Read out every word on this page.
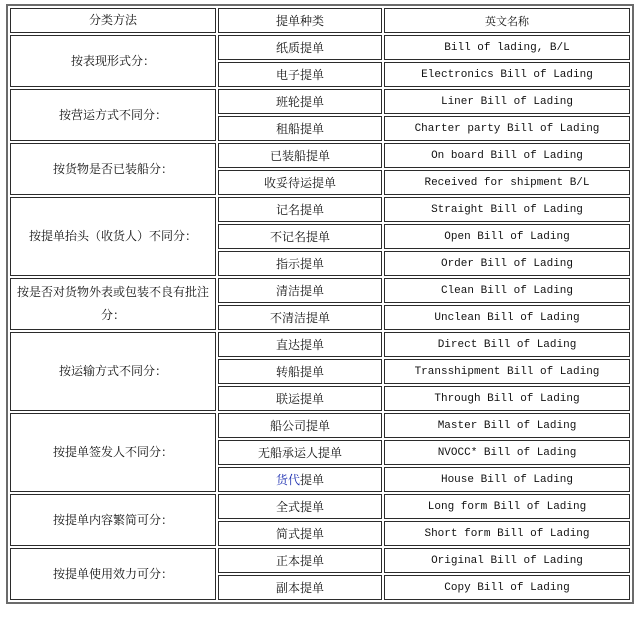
分类方法	提单种类	英文名称
按表现形式分：	纸质提单	Bill of lading, B/L
	电子提单	Electronics Bill of Lading
按营运方式不同分：	班轮提单	Liner Bill of Lading
	租船提单	Charter party Bill of Lading
按货物是否已装船分：	已装船提单	On board Bill of Lading
	收妥待运提单	Received for shipment B/L
按提单抬头（收货人）不同分：	记名提单	Straight Bill of Lading
	不记名提单	Open Bill of Lading
	指示提单	Order Bill of Lading
按是否对货物外表或包装不良有批注分：	清洁提单	Clean Bill of Lading
	不清洁提单	Unclean Bill of Lading
按运输方式不同分：	直达提单	Direct Bill of Lading
	转船提单	Transshipment Bill of Lading
	联运提单	Through Bill of Lading
按提单签发人不同分：	船公司提单	Master Bill of Lading
	无船承运人提单	NVOCC* Bill of Lading
	货代提单	House Bill of Lading
按提单内容繁简可分：	全式提单	Long form Bill of Lading
	简式提单	Short form Bill of Lading
按提单使用效力可分：	正本提单	Original Bill of Lading
	副本提单	Copy Bill of Lading
